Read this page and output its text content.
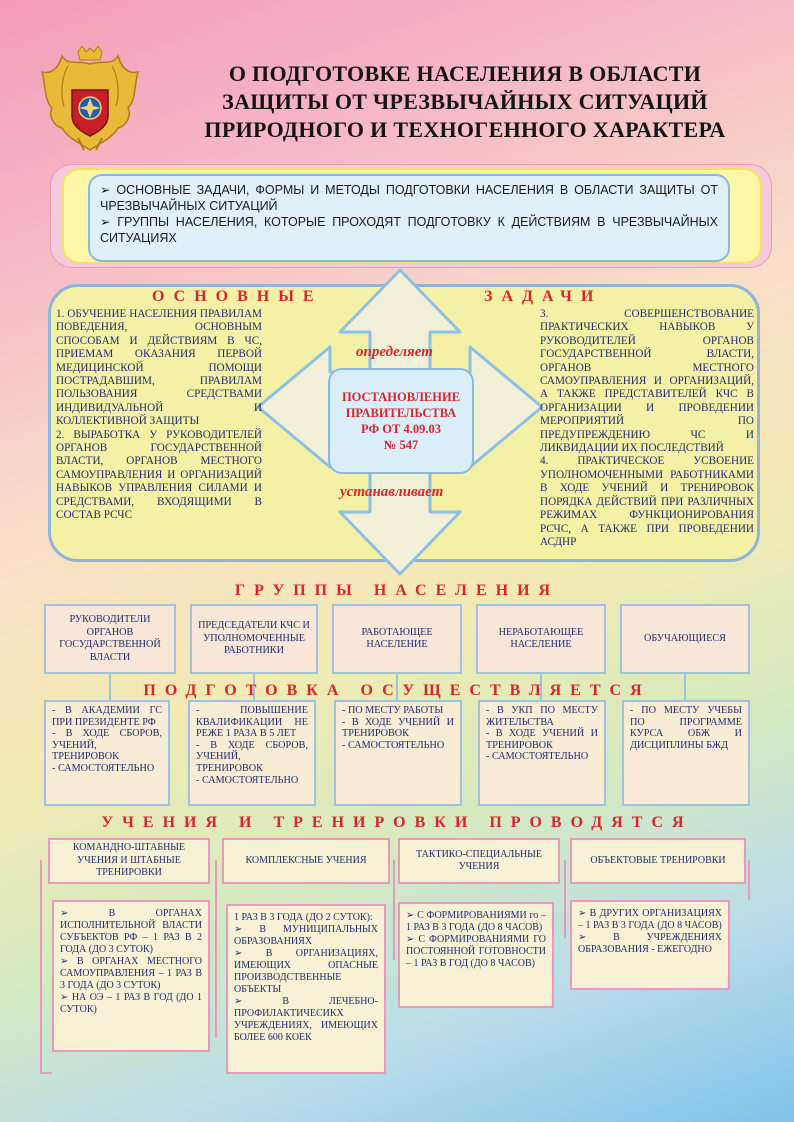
О ПОДГОТОВКЕ НАСЕЛЕНИЯ В ОБЛАСТИ
ЗАЩИТЫ ОТ ЧРЕЗВЫЧАЙНЫХ СИТУАЦИЙ
ПРИРОДНОГО И ТЕХНОГЕННОГО ХАРАКТЕРА
➢ ОСНОВНЫЕ ЗАДАЧИ, ФОРМЫ И МЕТОДЫ ПОДГОТОВКИ НАСЕЛЕНИЯ В ОБЛАСТИ ЗАЩИТЫ ОТ ЧРЕЗВЫЧАЙНЫХ СИТУАЦИЙ
➢ ГРУППЫ НАСЕЛЕНИЯ, КОТОРЫЕ ПРОХОДЯТ ПОДГОТОВКУ К ДЕЙСТВИЯМ В ЧРЕЗВЫЧАЙНЫХ СИТУАЦИЯХ
ОСНОВНЫЕ	ЗАДАЧИ

1. ОБУЧЕНИЕ НАСЕЛЕНИЯ ПРАВИЛАМ ПОВЕДЕНИЯ, ОСНОВНЫМ СПОСОБАМ И ДЕЙСТВИЯМ В ЧС, ПРИЕМАМ ОКАЗАНИЯ ПЕРВОЙ МЕДИЦИНСКОЙ ПОМОЩИ ПОСТРАДАВШИМ, ПРАВИЛАМ ПОЛЬЗОВАНИЯ СРЕДСТВАМИ ИНДИВИДУАЛЬНОЙ И КОЛЛЕКТИВНОЙ ЗАЩИТЫ

2. ВЫРАБОТКА У РУКОВОДИТЕЛЕЙ ОРГАНОВ ГОСУДАРСТВЕННОЙ ВЛАСТИ, ОРГАНОВ МЕСТНОГО САМОУПРАВЛЕНИЯ И ОРГАНИЗАЦИЙ НАВЫКОВ УПРАВЛЕНИЯ СИЛАМИ И СРЕДСТВАМИ, ВХОДЯЩИМИ В СОСТАВ РСЧС

3. СОВЕРШЕНСТВОВАНИЕ ПРАКТИЧЕСКИХ НАВЫКОВ У РУКОВОДИТЕЛЕЙ ОРГАНОВ ГОСУДАРСТВЕННОЙ ВЛАСТИ, ОРГАНОВ МЕСТНОГО САМОУПРАВЛЕНИЯ И ОРГАНИЗАЦИЙ, А ТАКЖЕ ПРЕДСТАВИТЕЛЕЙ КЧС В ОРГАНИЗАЦИИ И ПРОВЕДЕНИИ МЕРОПРИЯТИЙ ПО ПРЕДУПРЕЖДЕНИЮ ЧС И ЛИКВИДАЦИИ ИХ ПОСЛЕДСТВИЙ

4. ПРАКТИЧЕСКОЕ УСВОЕНИЕ УПОЛНОМОЧЕННЫМИ РАБОТНИКАМИ В ХОДЕ УЧЕНИЙ И ТРЕНИРОВОК ПОРЯДКА ДЕЙСТВИЙ ПРИ РАЗЛИЧНЫХ РЕЖИМАХ ФУНКЦИОНИРОВАНИЯ РСЧС, А ТАКЖЕ ПРИ ПРОВЕДЕНИИ АСДНР

определяет
ПОСТАНОВЛЕНИЕ
ПРАВИТЕЛЬСТВА
РФ ОТ 4.09.03
№ 547
устанавливает
ГРУППЫ НАСЕЛЕНИЯ
РУКОВОДИТЕЛИ ОРГАНОВ ГОСУДАРСТВЕННОЙ ВЛАСТИ
ПРЕДСЕДАТЕЛИ КЧС И УПОЛНОМОЧЕННЫЕ РАБОТНИКИ
РАБОТАЮЩЕЕ НАСЕЛЕНИЕ
НЕРАБОТАЮЩЕЕ НАСЕЛЕНИЕ
ОБУЧАЮЩИЕСЯ
ПОДГОТОВКА ОСУЩЕСТВЛЯЕТСЯ

- В АКАДЕМИИ ГС ПРИ ПРЕЗИДЕНТЕ РФ

- В ХОДЕ СБОРОВ, УЧЕНИЙ, ТРЕНИРОВОК

- САМОСТОЯТЕЛЬНО

- ПОВЫШЕНИЕ КВАЛИФИКАЦИИ НЕ РЕЖЕ 1 РАЗА В 5 ЛЕТ

- В ХОДЕ СБОРОВ, УЧЕНИЙ, ТРЕНИРОВОК

- САМОСТОЯТЕЛЬНО

- ПО МЕСТУ РАБОТЫ

- В ХОДЕ УЧЕНИЙ И ТРЕНИРОВОК

- САМОСТОЯТЕЛЬНО

- В УКП ПО МЕСТУ ЖИТЕЛЬСТВА

- В ХОДЕ УЧЕНИЙ И ТРЕНИРОВОК

- САМОСТОЯТЕЛЬНО

- ПО МЕСТУ УЧЕБЫ ПО ПРОГРАММЕ КУРСА ОБЖ И ДИСЦИПЛИНЫ БЖД

УЧЕНИЯ И ТРЕНИРОВКИ ПРОВОДЯТСЯ
КОМАНДНО-ШТАБНЫЕ УЧЕНИЯ И ШТАБНЫЕ ТРЕНИРОВКИ
КОМПЛЕКСНЫЕ УЧЕНИЯ
ТАКТИКО-СПЕЦИАЛЬНЫЕ УЧЕНИЯ
ОБЪЕКТОВЫЕ ТРЕНИРОВКИ

➢ В ОРГАНАХ ИСПОЛНИТЕЛЬНОЙ ВЛАСТИ СУБЪЕКТОВ РФ – 1 РАЗ В 2 ГОДА (ДО 3 СУТОК)

➢ В ОРГАНАХ МЕСТНОГО САМОУПРАВЛЕНИЯ – 1 РАЗ В 3 ГОДА (ДО 3 СУТОК)

➢ НА ОЭ – 1 РАЗ В ГОД (ДО 1 СУТОК)

1 РАЗ В 3 ГОДА (ДО 2 СУТОК):

➢ В МУНИЦИПАЛЬНЫХ ОБРАЗОВАНИЯХ

➢ В ОРГАНИЗАЦИЯХ, ИМЕЮЩИХ ОПАСНЫЕ ПРОИЗВОДСТВЕННЫЕ ОБЪЕКТЫ

➢ В ЛЕЧЕБНО-ПРОФИЛАКТИЧЕСИКХ УЧРЕЖДЕНИЯХ, ИМЕЮЩИХ БОЛЕЕ 600 КОЕК

➢ С ФОРМИРОВАНИЯМИ го – 1 РАЗ В 3 ГОДА (ДО 8 ЧАСОВ)

➢ С ФОРМИРОВАНИЯМИ ГО ПОСТОЯННОЙ ГОТОВНОСТИ – 1 РАЗ В ГОД (ДО 8 ЧАСОВ)

➢ В ДРУГИХ ОРГАНИЗАЦИЯХ – 1 РАЗ В 3 ГОДА (ДО 8 ЧАСОВ)

➢ В УЧРЕЖДЕНИЯХ ОБРАЗОВАНИЯ - ЕЖЕГОДНО
